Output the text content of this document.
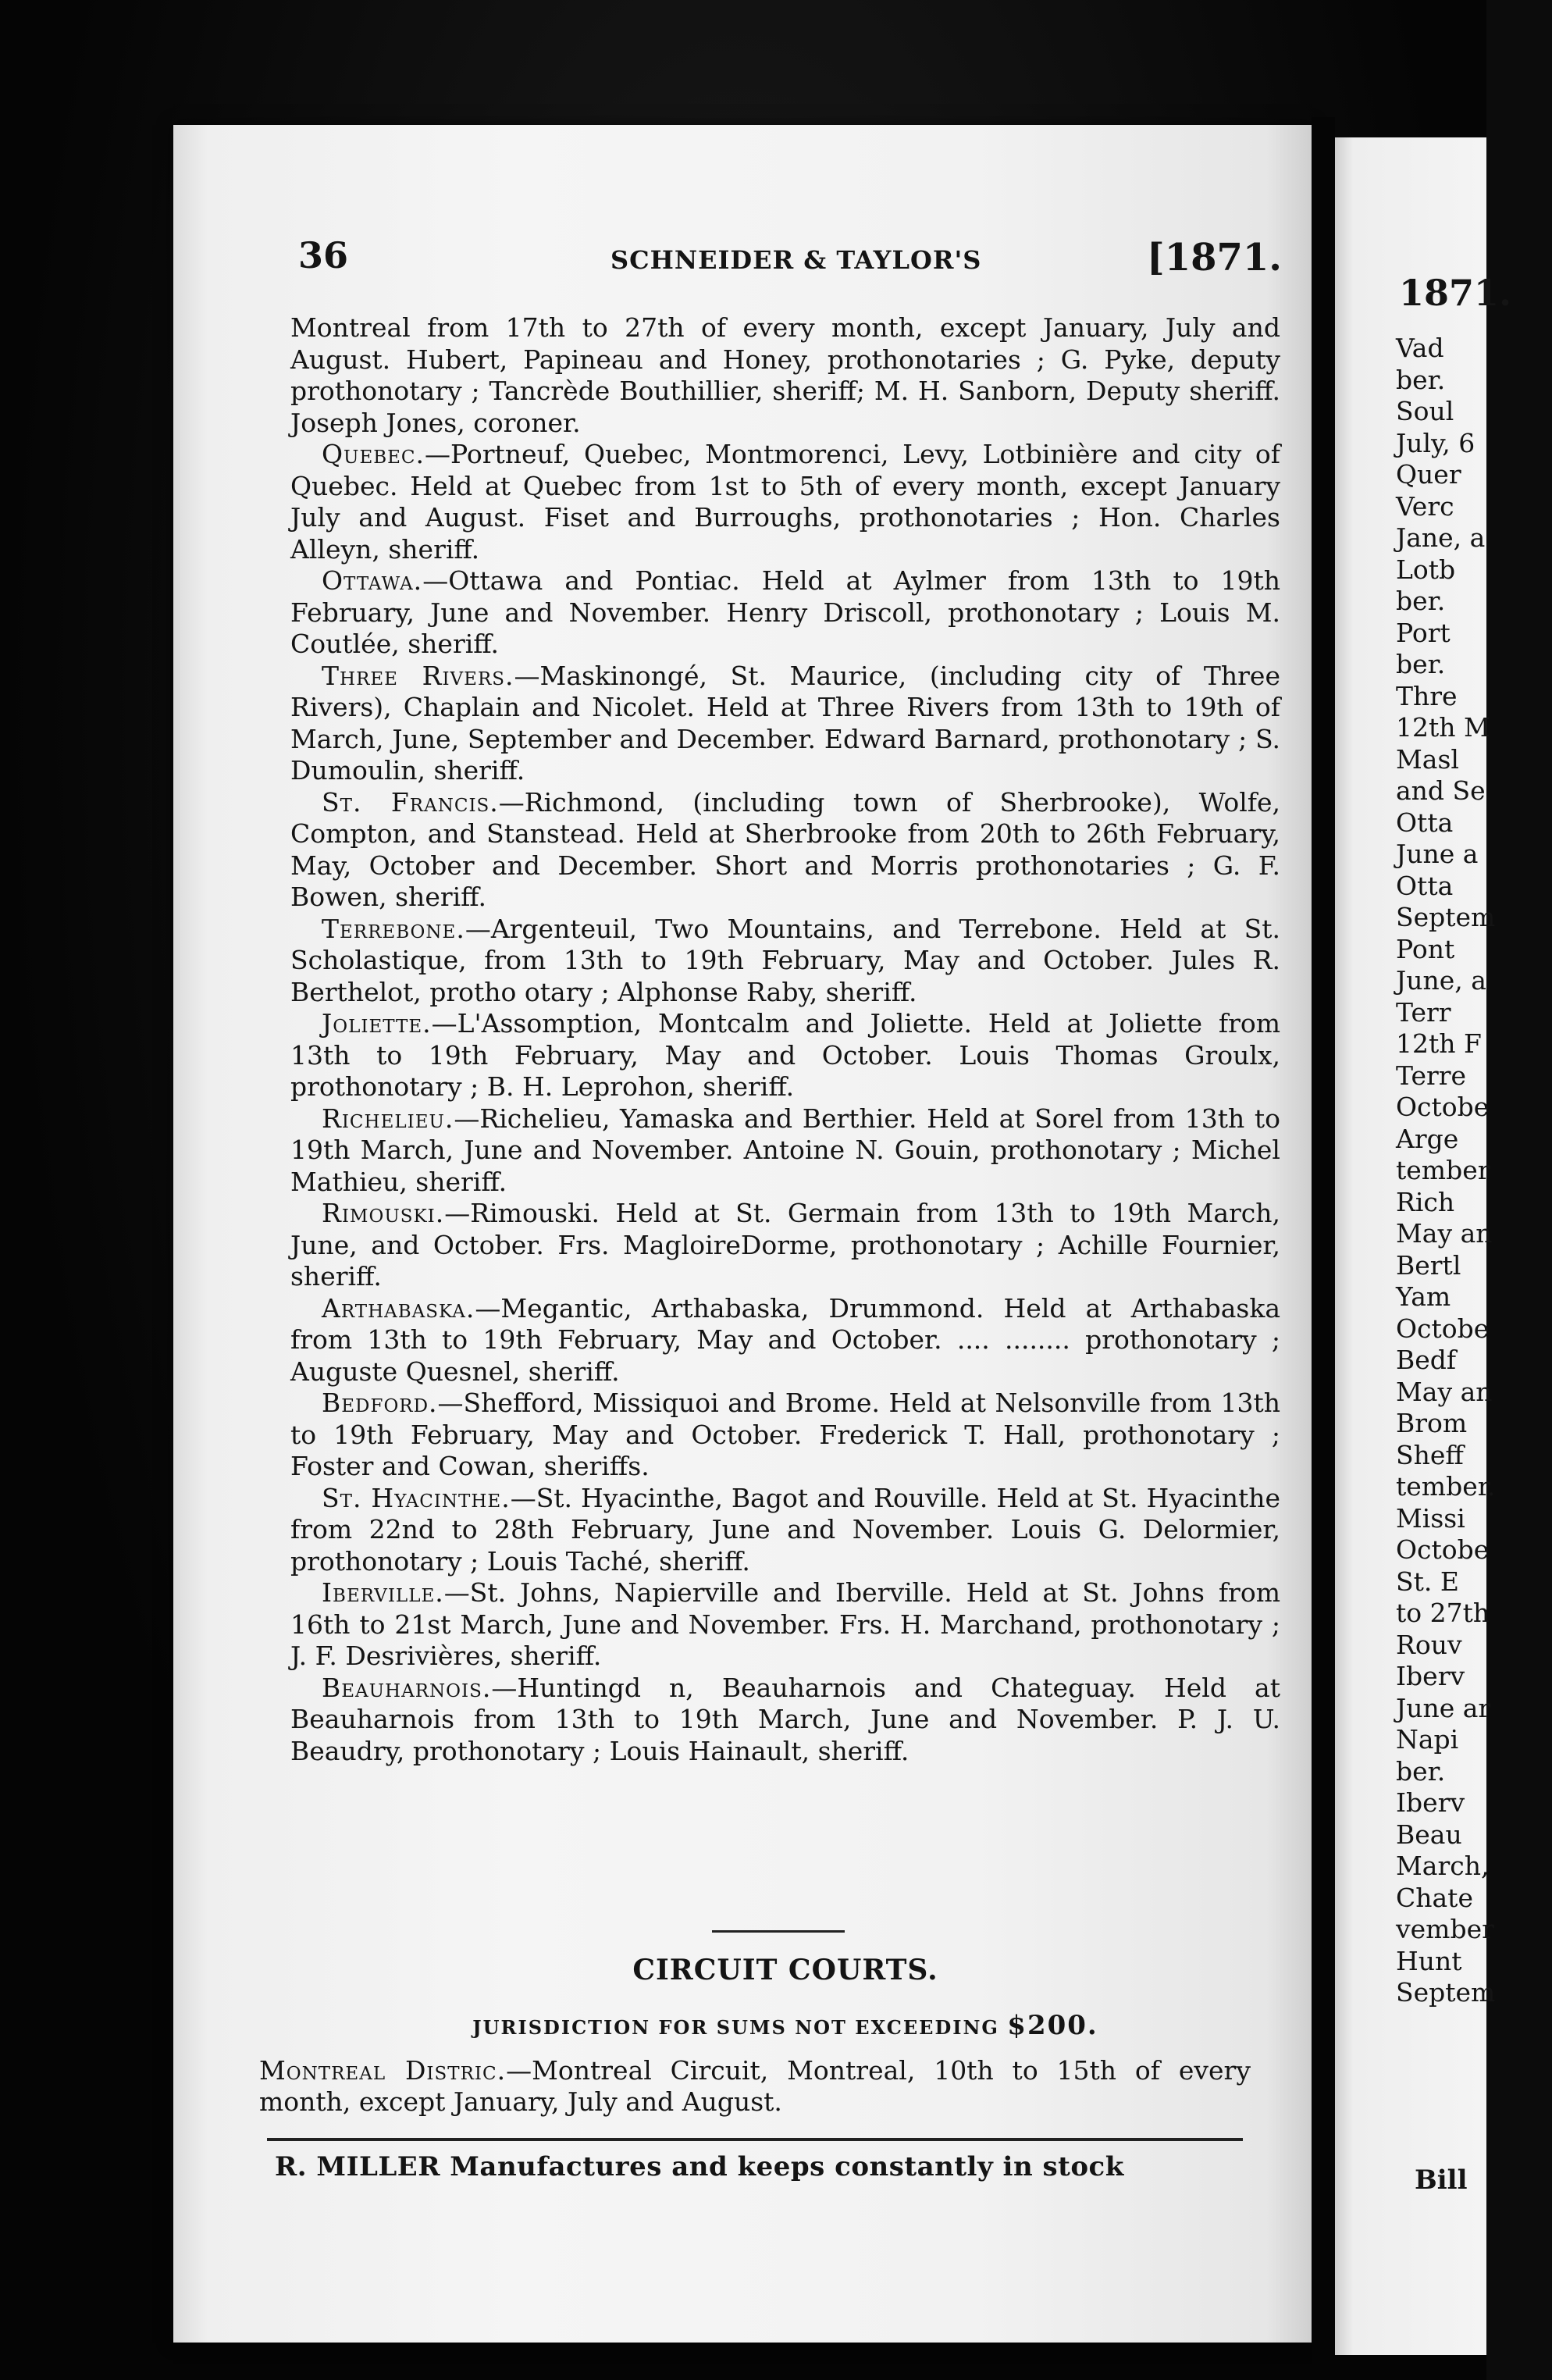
36	SCHNEIDER & TAYLOR'S	[1871.

Montreal from 17th to 27th of every month, except January, July and August. Hubert, Papineau and Honey, prothonotaries ; G. Pyke, deputy prothonotary ; Tancrède Bouthillier, sheriff; M. H. Sanborn, Deputy sheriff. Joseph Jones, coroner.

Quebec.—Portneuf, Quebec, Montmorenci, Levy, Lotbinière and city of Quebec. Held at Quebec from 1st to 5th of every month, except January July and August. Fiset and Burroughs, prothonotaries ; Hon. Charles Alleyn, sheriff.

Ottawa.—Ottawa and Pontiac. Held at Aylmer from 13th to 19th February, June and November. Henry Driscoll, prothonotary ; Louis M. Coutlée, sheriff.

Three Rivers.—Maskinongé, St. Maurice, (including city of Three Rivers), Chaplain and Nicolet. Held at Three Rivers from 13th to 19th of March, June, September and December. Edward Barnard, prothonotary ; S. Dumoulin, sheriff.

St. Francis.—Richmond, (including town of Sherbrooke), Wolfe, Compton, and Stanstead. Held at Sherbrooke from 20th to 26th February, May, October and December. Short and Morris prothonotaries ; G. F. Bowen, sheriff.

Terrebone.—Argenteuil, Two Mountains, and Terrebone. Held at St. Scholastique, from 13th to 19th February, May and October. Jules R. Berthelot, protho otary ; Alphonse Raby, sheriff.

Joliette.—L'Assomption, Montcalm and Joliette. Held at Joliette from 13th to 19th February, May and October. Louis Thomas Groulx, prothonotary ; B. H. Leprohon, sheriff.

Richelieu.—Richelieu, Yamaska and Berthier. Held at Sorel from 13th to 19th March, June and November. Antoine N. Gouin, prothonotary ; Michel Mathieu, sheriff.

Rimouski.—Rimouski. Held at St. Germain from 13th to 19th March, June, and October. Frs. MagloireDorme, prothonotary ; Achille Fournier, sheriff.

Arthabaska.—Megantic, Arthabaska, Drummond. Held at Arthabaska from 13th to 19th February, May and October. .... ........ prothonotary ; Auguste Quesnel, sheriff.

Bedford.—Shefford, Missiquoi and Brome. Held at Nelsonville from 13th to 19th February, May and October. Frederick T. Hall, prothonotary ; Foster and Cowan, sheriffs.

St. Hyacinthe.—St. Hyacinthe, Bagot and Rouville. Held at St. Hyacinthe from 22nd to 28th February, June and November. Louis G. Delormier, prothonotary ; Louis Taché, sheriff.

Iberville.—St. Johns, Napierville and Iberville. Held at St. Johns from 16th to 21st March, June and November. Frs. H. Marchand, prothonotary ; J. F. Desrivières, sheriff.

Beauharnois.—Huntingd n, Beauharnois and Chateguay. Held at Beauharnois from 13th to 19th March, June and November. P. J. U. Beaudry, prothonotary ; Louis Hainault, sheriff.

CIRCUIT COURTS.
JURISDICTION FOR SUMS NOT EXCEEDING $200.
Montreal Distric.—Montreal Circuit, Montreal, 10th to 15th of every month, except January, July and August.
R. MILLER Manufactures and keeps constantly in stock
1871.
Vad
ber.
Soul
July, 6
Quer
Verc
Jane, a
Lotb
ber.
Port
ber.
Thre
12th M
Masl
and Se
Otta
June a
Otta
Septem
Pont
June, a
Terr
12th F
Terre
Octobe
Arge
tember
Rich
May an
Bertl
Yam
Octobe
Bedf
May an
Brom
Sheff
tember.
Missi
Octobe
St. E
to 27th
Rouv
Iberv
June ar
Napi
ber.
Iberv
Beau
March,
Chate
vember
Hunt
Septem
Bill
